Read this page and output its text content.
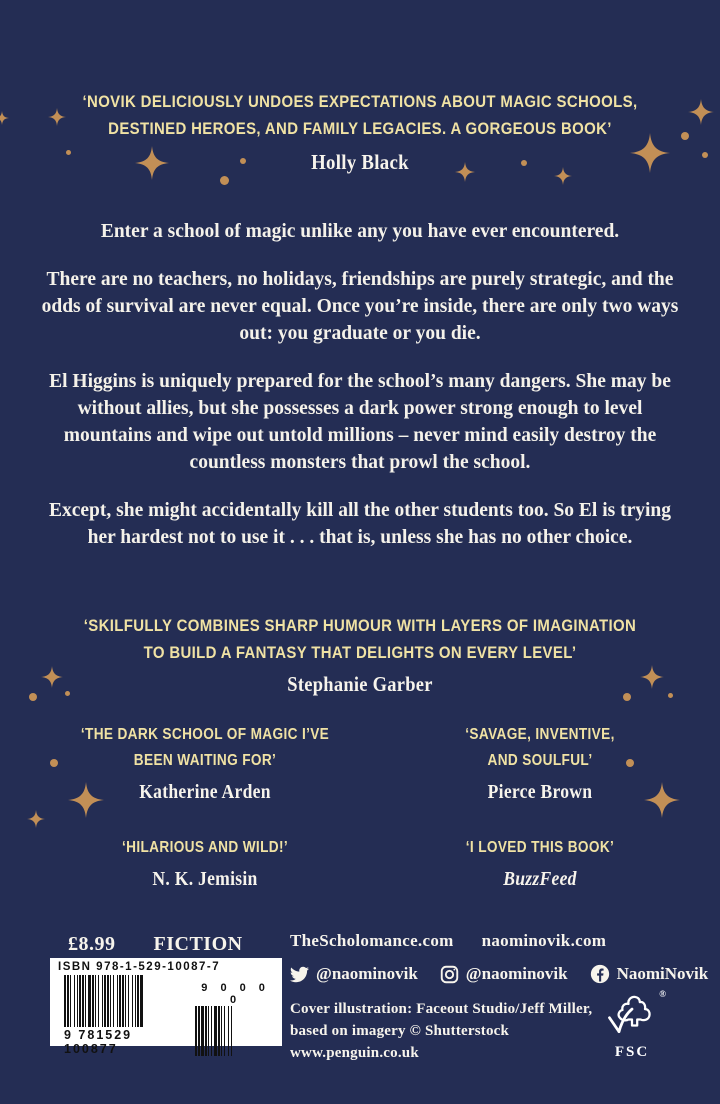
‘NOVIK DELICIOUSLY UNDOES EXPECTATIONS ABOUT MAGIC SCHOOLS, DESTINED HEROES, AND FAMILY LEGACIES. A GORGEOUS BOOK’
Holly Black

Enter a school of magic unlike any you have ever encountered.

There are no teachers, no holidays, friendships are purely strategic, and the odds of survival are never equal. Once you’re inside, there are only two ways out: you graduate or you die.

El Higgins is uniquely prepared for the school’s many dangers. She may be without allies, but she possesses a dark power strong enough to level mountains and wipe out untold millions – never mind easily destroy the countless monsters that prowl the school.

Except, she might accidentally kill all the other students too. So El is trying her hardest not to use it . . . that is, unless she has no other choice.

‘SKILFULLY COMBINES SHARP HUMOUR WITH LAYERS OF IMAGINATION TO BUILD A FANTASY THAT DELIGHTS ON EVERY LEVEL’
Stephanie Garber
‘THE DARK SCHOOL OF MAGIC I’VE BEEN WAITING FOR’
Katherine Arden
‘SAVAGE, INVENTIVE, AND SOULFUL’
Pierce Brown
‘HILARIOUS AND WILD!’
N. K. Jemisin
‘I LOVED THIS BOOK’
BuzzFeed
£8.99 FICTION
ISBN 978-1-529-10087-7
9 781529 100877
9 0 0 0 0
TheScholomance.com naominovik.com
@naominovik	@naominovik	NaomiNovik
Cover illustration: Faceout Studio/Jeff Miller,
based on imagery © Shutterstock
www.penguin.co.uk
®
FSC
